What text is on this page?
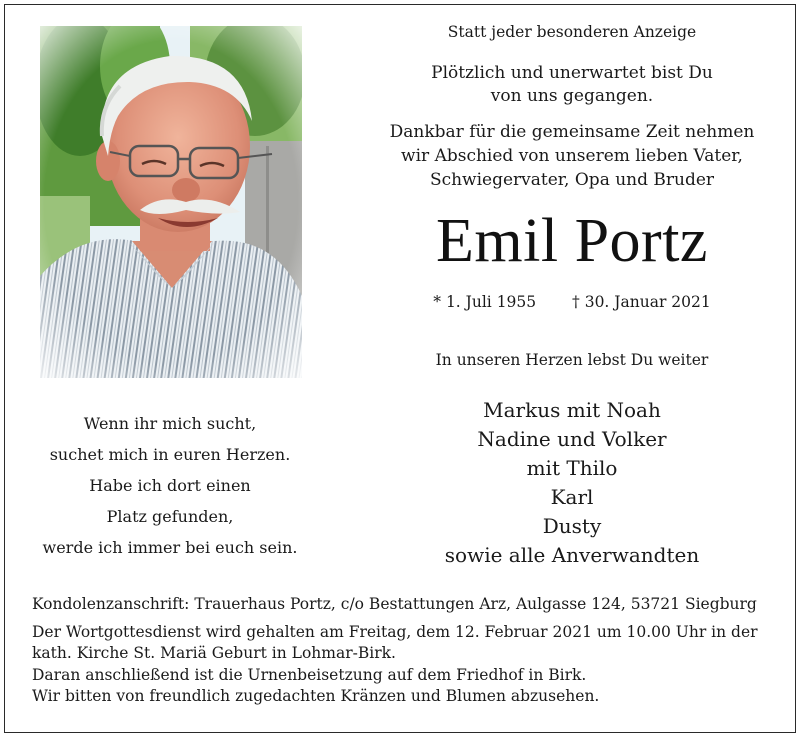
Statt jeder besonderen Anzeige
Plötzlich und unerwartet bist Du
von uns gegangen.
Dankbar für die gemeinsame Zeit nehmen
wir Abschied von unserem lieben Vater,
Schwiegervater, Opa und Bruder
Emil Portz
* 1. Juli 1955 † 30. Januar 2021
In unseren Herzen lebst Du weiter
Markus mit Noah
Nadine und Volker
mit Thilo
Karl
Dusty
sowie alle Anverwandten
Wenn ihr mich sucht,
suchet mich in euren Herzen.
Habe ich dort einen
Platz gefunden,
werde ich immer bei euch sein.
Kondolenzanschrift: Trauerhaus Portz, c/o Bestattungen Arz, Aulgasse 124, 53721 Siegburg
Der Wortgottesdienst wird gehalten am Freitag, dem 12. Februar 2021 um 10.00 Uhr in der
kath. Kirche St. Mariä Geburt in Lohmar-Birk.
Daran anschließend ist die Urnenbeisetzung auf dem Friedhof in Birk.
Wir bitten von freundlich zugedachten Kränzen und Blumen abzusehen.
